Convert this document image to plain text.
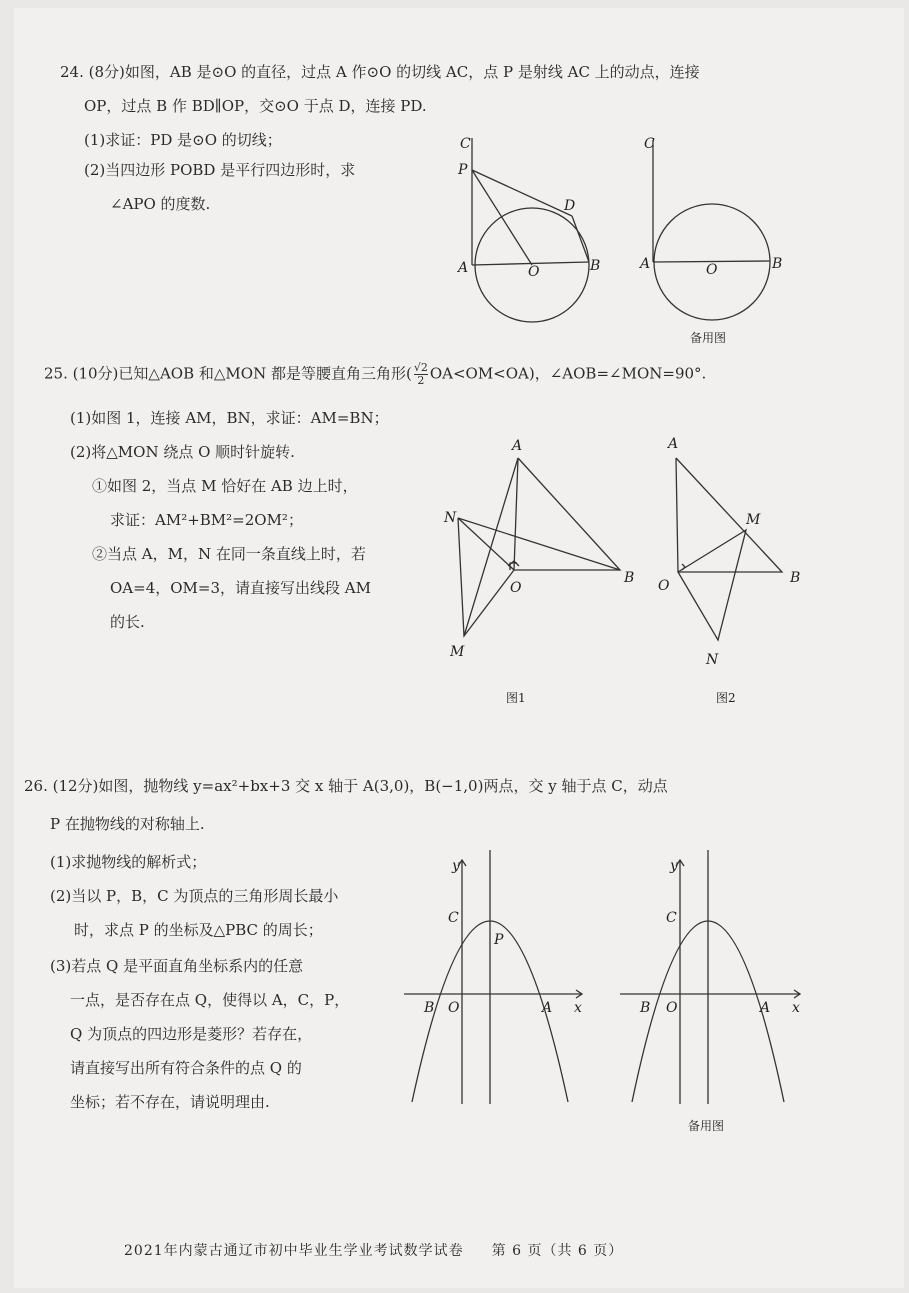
24. (8分)如图，AB 是⊙O 的直径，过点 A 作⊙O 的切线 AC，点 P 是射线 AC 上的动点，连接
OP，过点 B 作 BD∥OP，交⊙O 于点 D，连接 PD.
(1)求证：PD 是⊙O 的切线；
(2)当四边形 POBD 是平行四边形时，求
∠APO 的度数.
C
P
D
A	O	B
C
A	O	B
备用图
25. (10分)已知△AOB 和△MON 都是等腰直角三角形( $\frac{√2}{2} OA<OM<OA$)，∠AOB=∠MON=90°.
(1)如图 1，连接 AM，BN，求证：AM=BN；
(2)将△MON 绕点 O 顺时针旋转.
①如图 2，当点 M 恰好在 AB 边上时，
求证：AM²+BM²=2OM²；
②当点 A，M，N 在同一条直线上时，若
OA=4，OM=3，请直接写出线段 AM
的长.
A
N
O
B
M
图1
A
M
O	B
N
图2
26. (12分)如图，抛物线 y=ax²+bx+3 交 x 轴于 A(3,0)，B(−1,0)两点，交 y 轴于点 C，动点
P 在抛物线的对称轴上.
(1)求抛物线的解析式；
(2)当以 P，B，C 为顶点的三角形周长最小
时，求点 P 的坐标及△PBC 的周长；
(3)若点 Q 是平面直角坐标系内的任意
一点，是否存在点 Q，使得以 A，C，P，
Q 为顶点的四边形是菱形？若存在，
请直接写出所有符合条件的点 Q 的
坐标；若不存在，请说明理由.
y
C
P
B O	A x
y
C
B O	A x
备用图
2021年内蒙古通辽市初中毕业生学业考试数学试卷 第 6 页（共 6 页）
